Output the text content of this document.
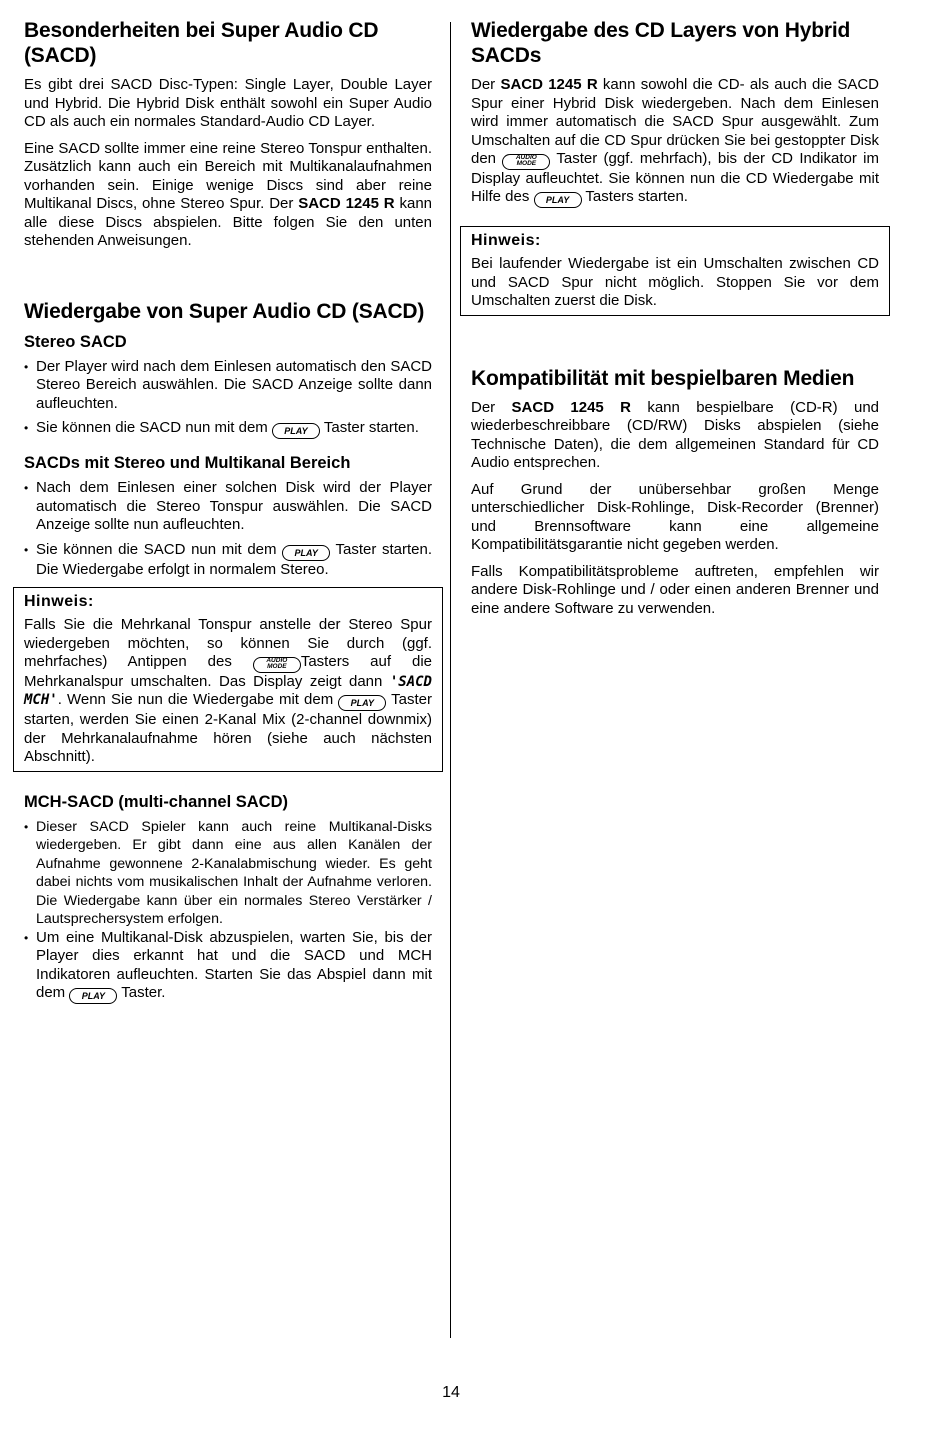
Besonderheiten bei Super Audio CD (SACD)

Es gibt drei SACD Disc-Typen: Single Layer, Double Layer und Hybrid. Die Hybrid Disk enthält sowohl ein Super Audio CD als auch ein normales Standard-Audio CD Layer.

Eine SACD sollte immer eine reine Stereo Tonspur enthalten. Zusätzlich kann auch ein Bereich mit Multikanalaufnahmen vorhanden sein. Einige wenige Discs sind aber reine Multikanal Discs, ohne Stereo Spur. Der SACD 1245 R kann alle diese Discs abspielen. Bitte folgen Sie den unten stehenden Anweisungen.

Wiedergabe von Super Audio CD (SACD)
Stereo SACD
• Der Player wird nach dem Einlesen automatisch den SACD Stereo Bereich auswählen. Die SACD Anzeige sollte dann aufleuchten.
• Sie können die SACD nun mit dem PLAY Taster starten.
SACDs mit Stereo und Multikanal Bereich
• Nach dem Einlesen einer solchen Disk wird der Player automatisch die Stereo Tonspur auswählen. Die SACD Anzeige sollte nun aufleuchten.
• Sie können die SACD nun mit dem PLAY Taster starten. Die Wiedergabe erfolgt in normalem Stereo.
Hinweis:

Falls Sie die Mehrkanal Tonspur anstelle der Stereo Spur wiedergeben möchten, so können Sie durch (ggf. mehrfaches) Antippen des AUDIO
MODE Tasters auf die Mehrkanalspur umschalten. Das Display zeigt dann 'SACD MCH'. Wenn Sie nun die Wiedergabe mit dem PLAY Taster starten, werden Sie einen 2-Kanal Mix (2-channel downmix) der Mehrkanalaufnahme hören (siehe auch nächsten Abschnitt).

MCH-SACD (multi-channel SACD)
• Dieser SACD Spieler kann auch reine Multikanal-Disks wiedergeben. Er gibt dann eine aus allen Kanälen der Aufnahme gewonnene 2-Kanalabmischung wieder. Es geht dabei nichts vom musikalischen Inhalt der Aufnahme verloren. Die Wiedergabe kann über ein normales Stereo Verstärker / Lautsprechersystem erfolgen.
• Um eine Multikanal-Disk abzuspielen, warten Sie, bis der Player dies erkannt hat und die SACD und MCH Indikatoren aufleuchten. Starten Sie das Abspiel dann mit dem PLAY Taster.
Wiedergabe des CD Layers von Hybrid SACDs

Der SACD 1245 R kann sowohl die CD- als auch die SACD Spur einer Hybrid Disk wiedergeben. Nach dem Einlesen wird immer automatisch die SACD Spur ausgewählt. Zum Umschalten auf die CD Spur drücken Sie bei gestoppter Disk den AUDIO
MODE Taster (ggf. mehrfach), bis der CD Indikator im Display aufleuchtet. Sie können nun die CD Wiedergabe mit Hilfe des PLAY Tasters starten.

Hinweis:

Bei laufender Wiedergabe ist ein Umschalten zwischen CD und SACD Spur nicht möglich. Stoppen Sie vor dem Umschalten zuerst die Disk.

Kompatibilität mit bespielbaren Medien

Der SACD 1245 R kann bespielbare (CD-R) und wiederbeschreibbare (CD/RW) Disks abspielen (siehe Technische Daten), die dem allgemeinen Standard für CD Audio entsprechen.

Auf Grund der unübersehbar großen Menge unterschiedlicher Disk-Rohlinge, Disk-Recorder (Brenner) und Brennsoftware kann eine allgemeine Kompatibilitätsgarantie nicht gegeben werden.

Falls Kompatibilitätsprobleme auftreten, empfehlen wir andere Disk-Rohlinge und / oder einen anderen Brenner und eine andere Software zu verwenden.

14
